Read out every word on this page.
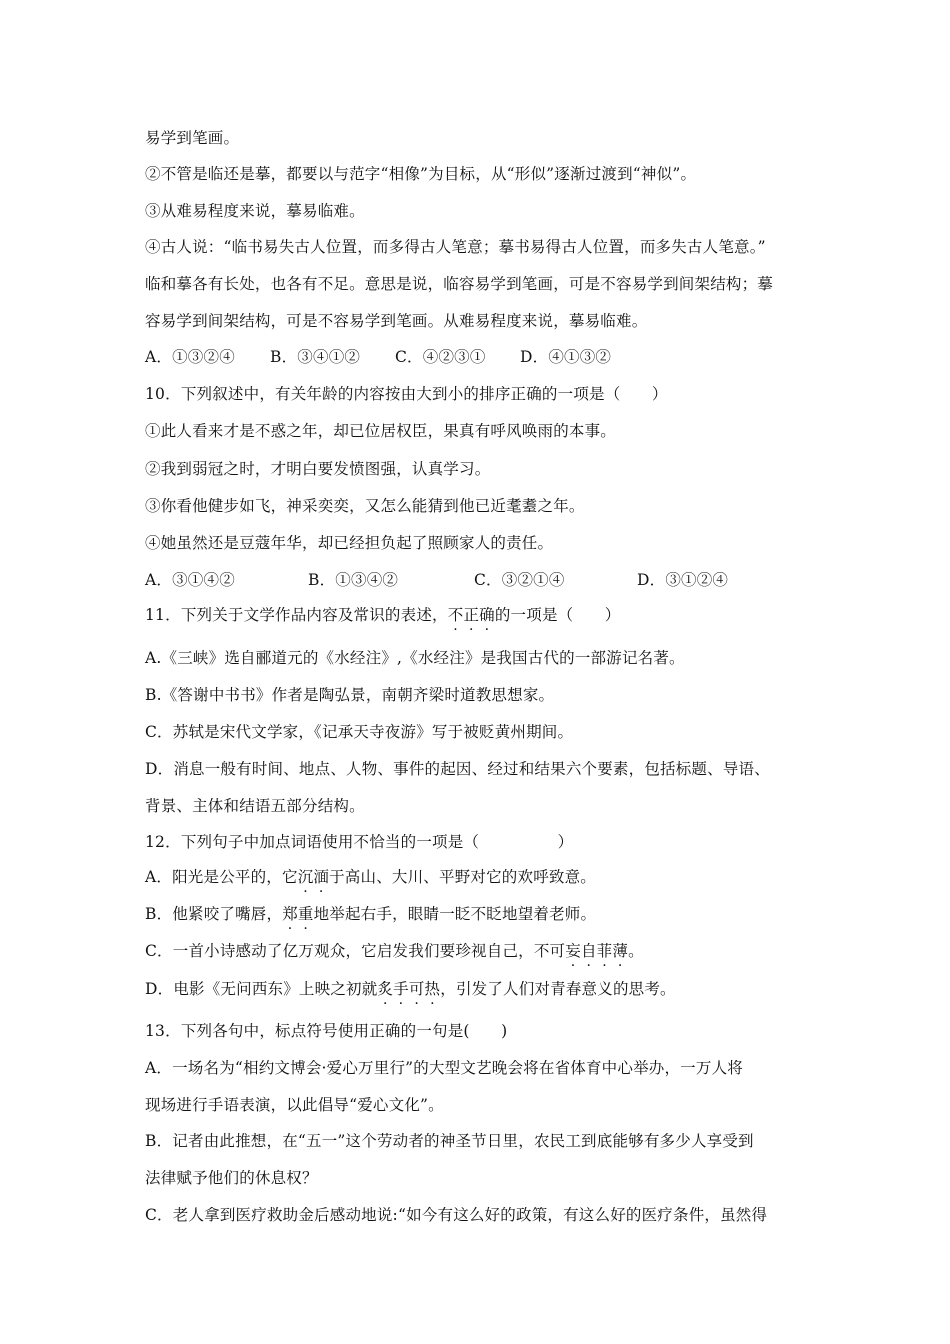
易学到笔画。
②不管是临还是摹，都要以与范字“相像”为目标，从“形似”逐渐过渡到“神似”。
③从难易程度来说，摹易临难。
④古人说：“临书易失古人位置，而多得古人笔意；摹书易得古人位置，而多失古人笔意。”
临和摹各有长处，也各有不足。意思是说，临容易学到笔画，可是不容易学到间架结构；摹
容易学到间架结构，可是不容易学到笔画。从难易程度来说，摹易临难。
A．①③②④ B．③④①② C．④②③① D．④①③②
10．下列叙述中，有关年龄的内容按由大到小的排序正确的一项是（　　）
①此人看来才是不惑之年，却已位居权臣，果真有呼风唤雨的本事。
②我到弱冠之时，才明白要发愤图强，认真学习。
③你看他健步如飞，神采奕奕，又怎么能猜到他已近耄耋之年。
④她虽然还是豆蔻年华，却已经担负起了照顾家人的责任。
A．③①④②	B．①③④②	C．③②①④	D．③①②④
11．下列关于文学作品内容及常识的表述，不正确的一项是（　　）
A.《三峡》选自郦道元的《水经注》,《水经注》是我国古代的一部游记名著。
B.《答谢中书书》作者是陶弘景，南朝齐梁时道教思想家。
C．苏轼是宋代文学家，《记承天寺夜游》写于被贬黄州期间。
D．消息一般有时间、地点、人物、事件的起因、经过和结果六个要素，包括标题、导语、
背景、主体和结语五部分结构。
12．下列句子中加点词语使用不恰当的一项是（　　　　　）
A．阳光是公平的，它沉湎于高山、大川、平野对它的欢呼致意。
B．他紧咬了嘴唇，郑重地举起右手，眼睛一眨不眨地望着老师。
C．一首小诗感动了亿万观众，它启发我们要珍视自己，不可妄自菲薄。
D．电影《无问西东》上映之初就炙手可热，引发了人们对青春意义的思考。
13．下列各句中，标点符号使用正确的一句是(　　)
A．一场名为“相约文博会·爱心万里行”的大型文艺晚会将在省体育中心举办，一万人将
现场进行手语表演，以此倡导“爱心文化”。
B．记者由此推想，在“五一”这个劳动者的神圣节日里，农民工到底能够有多少人享受到
法律赋予他们的休息权？
C．老人拿到医疗救助金后感动地说:“如今有这么好的政策，有这么好的医疗条件，虽然得
